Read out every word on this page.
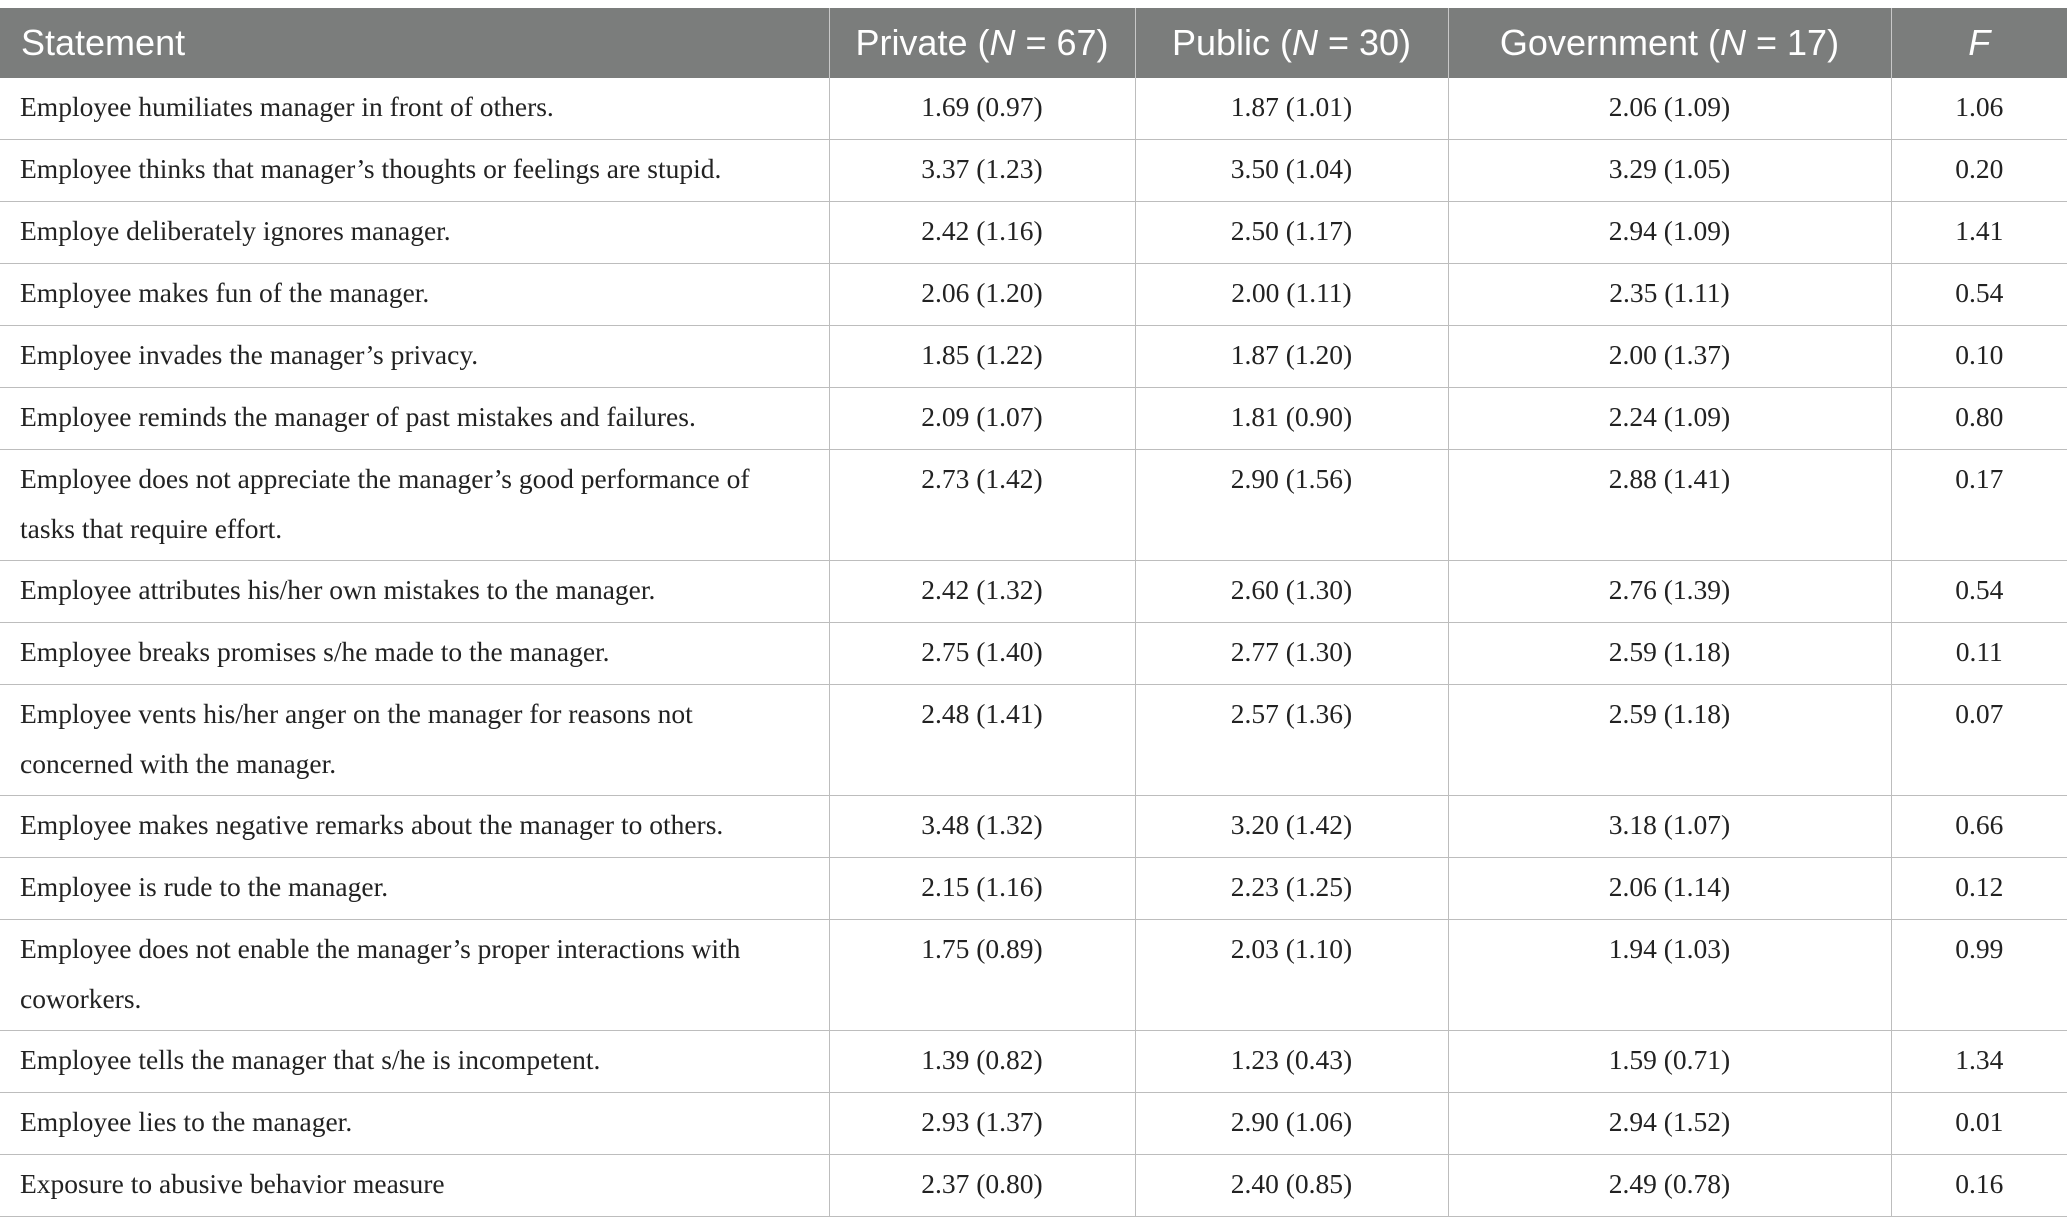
Statement	Private (N = 67)	Public (N = 30)	Government (N = 17)	F
Employee humiliates manager in front of others.	1.69 (0.97)	1.87 (1.01)	2.06 (1.09)	1.06
Employee thinks that manager’s thoughts or feelings are stupid.	3.37 (1.23)	3.50 (1.04)	3.29 (1.05)	0.20
Employe deliberately ignores manager.	2.42 (1.16)	2.50 (1.17)	2.94 (1.09)	1.41
Employee makes fun of the manager.	2.06 (1.20)	2.00 (1.11)	2.35 (1.11)	0.54
Employee invades the manager’s privacy.	1.85 (1.22)	1.87 (1.20)	2.00 (1.37)	0.10
Employee reminds the manager of past mistakes and failures.	2.09 (1.07)	1.81 (0.90)	2.24 (1.09)	0.80
Employee does not appreciate the manager’s good performance of tasks that require effort.	2.73 (1.42)	2.90 (1.56)	2.88 (1.41)	0.17
Employee attributes his/her own mistakes to the manager.	2.42 (1.32)	2.60 (1.30)	2.76 (1.39)	0.54
Employee breaks promises s/he made to the manager.	2.75 (1.40)	2.77 (1.30)	2.59 (1.18)	0.11
Employee vents his/her anger on the manager for reasons not concerned with the manager.	2.48 (1.41)	2.57 (1.36)	2.59 (1.18)	0.07
Employee makes negative remarks about the manager to others.	3.48 (1.32)	3.20 (1.42)	3.18 (1.07)	0.66
Employee is rude to the manager.	2.15 (1.16)	2.23 (1.25)	2.06 (1.14)	0.12
Employee does not enable the manager’s proper interactions with coworkers.	1.75 (0.89)	2.03 (1.10)	1.94 (1.03)	0.99
Employee tells the manager that s/he is incompetent.	1.39 (0.82)	1.23 (0.43)	1.59 (0.71)	1.34
Employee lies to the manager.	2.93 (1.37)	2.90 (1.06)	2.94 (1.52)	0.01
Exposure to abusive behavior measure	2.37 (0.80)	2.40 (0.85)	2.49 (0.78)	0.16
